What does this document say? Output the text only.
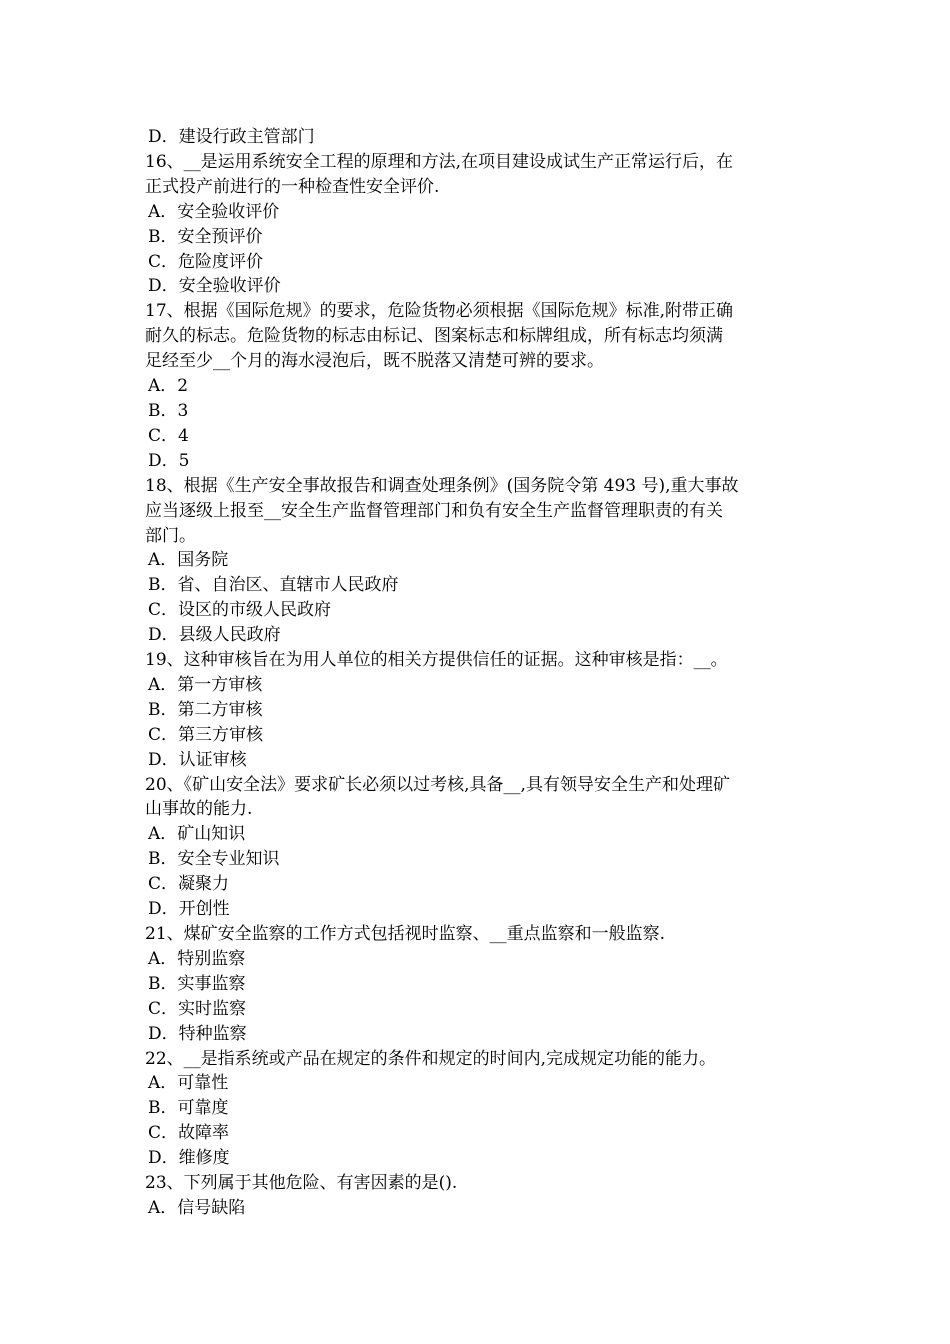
D．建设行政主管部门

16、__是运用系统安全工程的原理和方法,在项目建设成试生产正常运行后，在

正式投产前进行的一种检查性安全评价.

A．安全验收评价

B．安全预评价

C．危险度评价

D．安全验收评价

17、根据《国际危规》的要求，危险货物必须根据《国际危规》标准,附带正确

耐久的标志。危险货物的标志由标记、图案标志和标牌组成，所有标志均须满

足经至少__个月的海水浸泡后，既不脱落又清楚可辨的要求。

A．2

B．3

C．4

D．5

18、根据《生产安全事故报告和调查处理条例》(国务院令第 493 号),重大事故

应当逐级上报至__安全生产监督管理部门和负有安全生产监督管理职责的有关

部门。

A．国务院

B．省、自治区、直辖市人民政府

C．设区的市级人民政府

D．县级人民政府

19、这种审核旨在为用人单位的相关方提供信任的证据。这种审核是指：__。

A．第一方审核

B．第二方审核

C．第三方审核

D．认证审核

20、《矿山安全法》要求矿长必须以过考核,具备__,具有领导安全生产和处理矿

山事故的能力.

A．矿山知识

B．安全专业知识

C．凝聚力

D．开创性

21、煤矿安全监察的工作方式包括视时监察、__重点监察和一般监察.

A．特别监察

B．实事监察

C．实时监察

D．特种监察

22、__是指系统或产品在规定的条件和规定的时间内,完成规定功能的能力。

A．可靠性

B．可靠度

C．故障率

D．维修度

23、下列属于其他危险、有害因素的是().

A．信号缺陷
